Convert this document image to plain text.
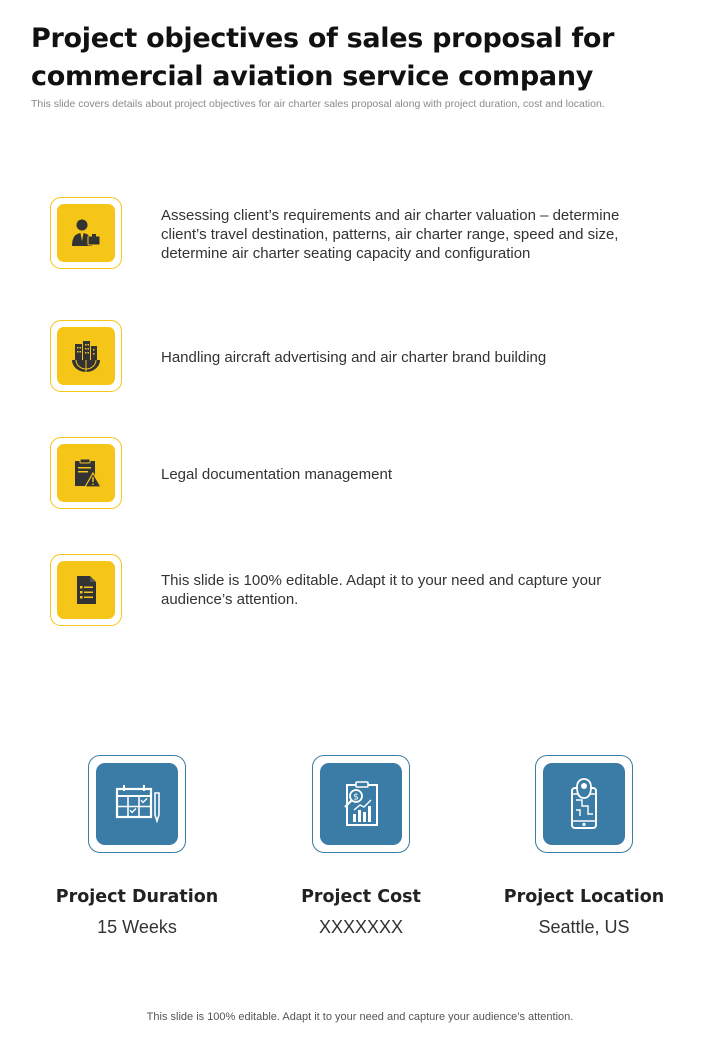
Project objectives of sales proposal for commercial aviation service company
This slide covers details about project objectives for air charter sales proposal along with project duration, cost and location.
Assessing client’s requirements and air charter valuation – determine client’s travel destination, patterns, air charter range, speed and size, determine air charter seating capacity and configuration
Handling aircraft advertising and air charter brand building
Legal documentation management
This slide is 100% editable. Adapt it to your need and capture your audience’s attention.
Project Duration
15 Weeks
$
Project Cost
XXXXXXX
Project Location
Seattle, US
This slide is 100% editable. Adapt it to your need and capture your audience’s attention.
